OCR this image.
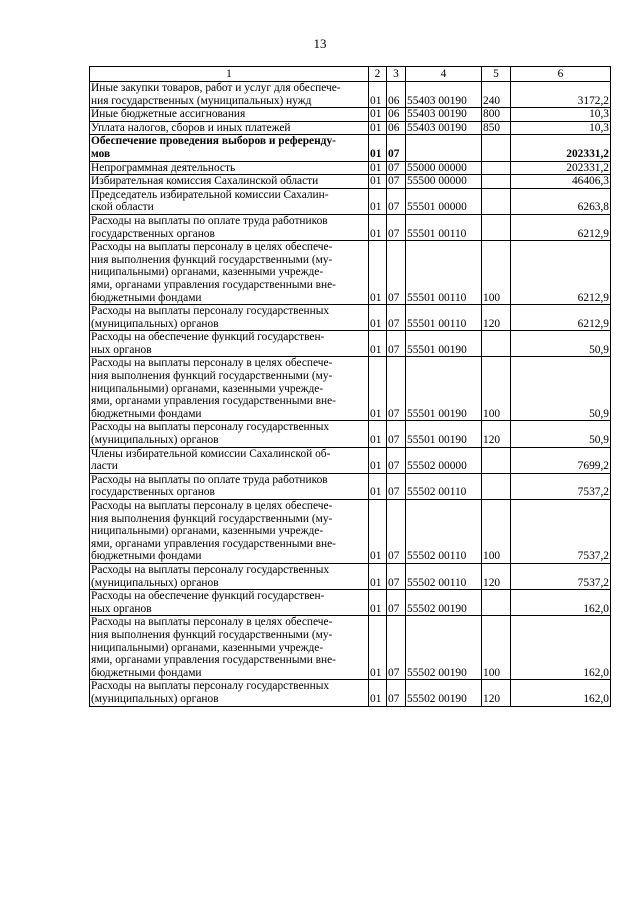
13
1	2	3	4	5	6

Иные закупки товаров, работ и услуг для обеспече-
ния государственных (муниципальных) нужд	01	06	55403 00190	240	3172,2

Иные бюджетные ассигнования	01	06	55403 00190	800	10,3

Уплата налогов, сборов и иных платежей	01	06	55403 00190	850	10,3

Обеспечение проведения выборов и референду-
мов	01	07			202331,2

Непрограммная деятельность	01	07	55000 00000		202331,2

Избирательная комиссия Сахалинской области	01	07	55500 00000		46406,3

Председатель избирательной комиссии Сахалин-
ской области	01	07	55501 00000		6263,8

Расходы на выплаты по оплате труда работников
государственных органов	01	07	55501 00110		6212,9

Расходы на выплаты персоналу в целях обеспече-
ния выполнения функций государственными (му-
ниципальными) органами, казенными учрежде-
ями, органами управления государственными вне-
бюджетными фондами	01	07	55501 00110	100	6212,9

Расходы на выплаты персоналу государственных
(муниципальных) органов	01	07	55501 00110	120	6212,9

Расходы на обеспечение функций государствен-
ных органов	01	07	55501 00190		50,9

Расходы на выплаты персоналу в целях обеспече-
ния выполнения функций государственными (му-
ниципальными) органами, казенными учрежде-
ями, органами управления государственными вне-
бюджетными фондами	01	07	55501 00190	100	50,9

Расходы на выплаты персоналу государственных
(муниципальных) органов	01	07	55501 00190	120	50,9

Члены избирательной комиссии Сахалинской об-
ласти	01	07	55502 00000		7699,2

Расходы на выплаты по оплате труда работников
государственных органов	01	07	55502 00110		7537,2

Расходы на выплаты персоналу в целях обеспече-
ния выполнения функций государственными (му-
ниципальными) органами, казенными учрежде-
ями, органами управления государственными вне-
бюджетными фондами	01	07	55502 00110	100	7537,2

Расходы на выплаты персоналу государственных
(муниципальных) органов	01	07	55502 00110	120	7537,2

Расходы на обеспечение функций государствен-
ных органов	01	07	55502 00190		162,0

Расходы на выплаты персоналу в целях обеспече-
ния выполнения функций государственными (му-
ниципальными) органами, казенными учрежде-
ями, органами управления государственными вне-
бюджетными фондами	01	07	55502 00190	100	162,0

Расходы на выплаты персоналу государственных
(муниципальных) органов	01	07	55502 00190	120	162,0
